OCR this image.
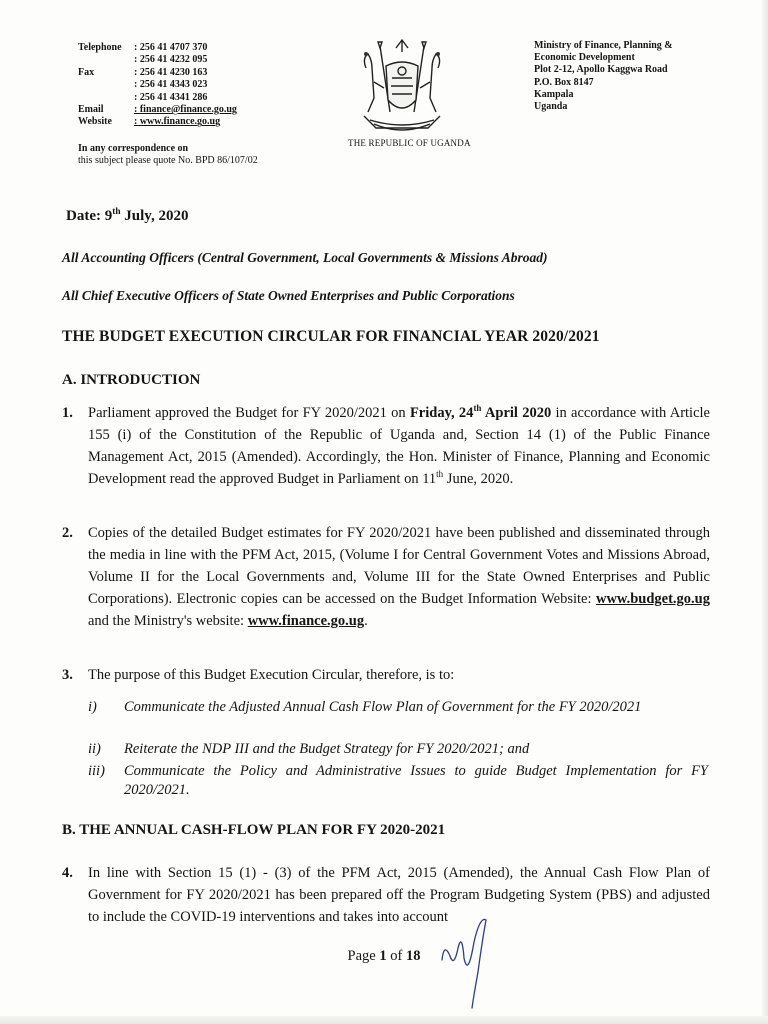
Telephone	: 256 41 4707 370
	: 256 41 4232 095
Fax	: 256 41 4230 163
	: 256 41 4343 023
	: 256 41 4341 286
Email	: finance@finance.go.ug
Website	: www.finance.go.ug
In any correspondence on
this subject please quote No. BPD 86/107/02
THE REPUBLIC OF UGANDA
Ministry of Finance, Planning &
Economic Development
Plot 2-12, Apollo Kaggwa Road
P.O. Box 8147
Kampala
Uganda
Date: 9th July, 2020
All Accounting Officers (Central Government, Local Governments & Missions Abroad)
All Chief Executive Officers of State Owned Enterprises and Public Corporations
THE BUDGET EXECUTION CIRCULAR FOR FINANCIAL YEAR 2020/2021
A. INTRODUCTION
1. Parliament approved the Budget for FY 2020/2021 on Friday, 24th April 2020 in accordance with Article 155 (i) of the Constitution of the Republic of Uganda and, Section 14 (1) of the Public Finance Management Act, 2015 (Amended). Accordingly, the Hon. Minister of Finance, Planning and Economic Development read the approved Budget in Parliament on 11th June, 2020.
2. Copies of the detailed Budget estimates for FY 2020/2021 have been published and disseminated through the media in line with the PFM Act, 2015, (Volume I for Central Government Votes and Missions Abroad, Volume II for the Local Governments and, Volume III for the State Owned Enterprises and Public Corporations). Electronic copies can be accessed on the Budget Information Website: www.budget.go.ug and the Ministry's website: www.finance.go.ug.
3. The purpose of this Budget Execution Circular, therefore, is to:
i) Communicate the Adjusted Annual Cash Flow Plan of Government for the FY 2020/2021
ii) Reiterate the NDP III and the Budget Strategy for FY 2020/2021; and
iii) Communicate the Policy and Administrative Issues to guide Budget Implementation for FY 2020/2021.
B. THE ANNUAL CASH-FLOW PLAN FOR FY 2020-2021
4. In line with Section 15 (1) - (3) of the PFM Act, 2015 (Amended), the Annual Cash Flow Plan of Government for FY 2020/2021 has been prepared off the Program Budgeting System (PBS) and adjusted to include the COVID-19 interventions and takes into account
Page 1 of 18
